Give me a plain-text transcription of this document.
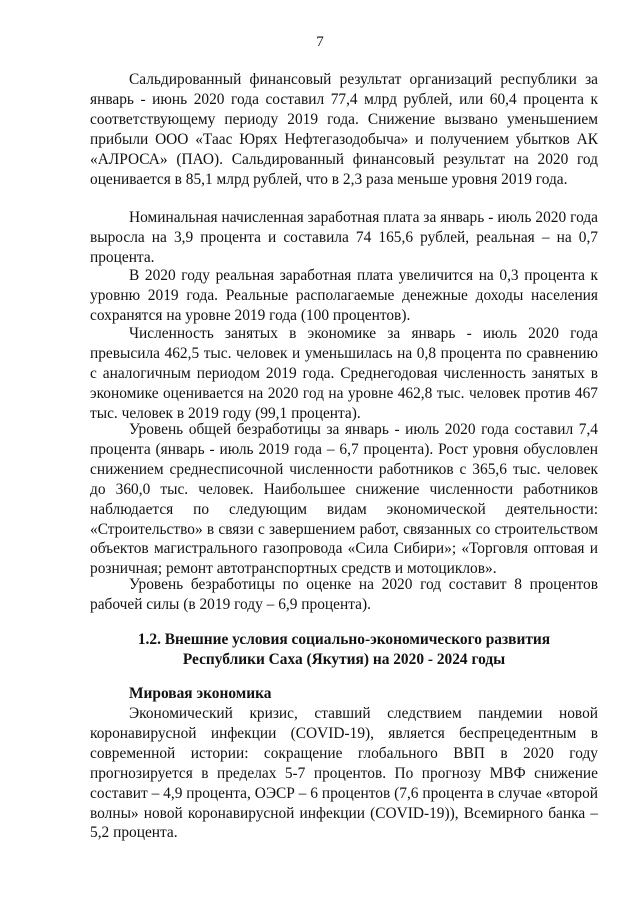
7

Сальдированный финансовый результат организаций республики за январь - июнь 2020 года составил 77,4 млрд рублей, или 60,4 процента к соответствующему периоду 2019 года. Снижение вызвано уменьшением прибыли ООО «Таас Юрях Нефтегазодобыча» и получением убытков АК «АЛРОСА» (ПАО). Сальдированный финансовый результат на 2020 год оценивается в 85,1 млрд рублей, что в 2,3 раза меньше уровня 2019 года.

Номинальная начисленная заработная плата за январь - июль 2020 года выросла на 3,9 процента и составила 74 165,6 рублей, реальная – на 0,7 процента.

В 2020 году реальная заработная плата увеличится на 0,3 процента к уровню 2019 года. Реальные располагаемые денежные доходы населения сохранятся на уровне 2019 года (100 процентов).

Численность занятых в экономике за январь - июль 2020 года превысила 462,5 тыс. человек и уменьшилась на 0,8 процента по сравнению с аналогичным периодом 2019 года. Среднегодовая численность занятых в экономике оценивается на 2020 год на уровне 462,8 тыс. человек против 467 тыс. человек в 2019 году (99,1 процента).

Уровень общей безработицы за январь - июль 2020 года составил 7,4 процента (январь - июль 2019 года – 6,7 процента). Рост уровня обусловлен снижением среднесписочной численности работников с 365,6 тыс. человек до 360,0 тыс. человек. Наибольшее снижение численности работников наблюдается по следующим видам экономической деятельности: «Строительство» в связи с завершением работ, связанных со строительством объектов магистрального газопровода «Сила Сибири»; «Торговля оптовая и розничная; ремонт автотранспортных средств и мотоциклов».

Уровень безработицы по оценке на 2020 год составит 8 процентов рабочей силы (в 2019 году – 6,9 процента).

1.2. Внешние условия социально-экономического развития
Республики Саха (Якутия) на 2020 - 2024 годы
Мировая экономика

Экономический кризис, ставший следствием пандемии новой коронавирусной инфекции (COVID-19), является беспрецедентным в современной истории: сокращение глобального ВВП в 2020 году прогнозируется в пределах 5-7 процентов. По прогнозу МВФ снижение составит – 4,9 процента, ОЭСР – 6 процентов (7,6 процента в случае «второй волны» новой коронавирусной инфекции (COVID-19)), Всемирного банка – 5,2 процента.
